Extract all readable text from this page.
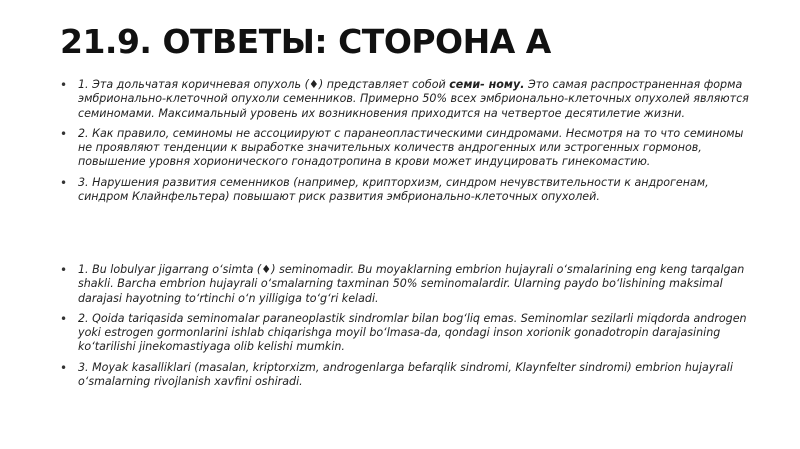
21.9. ОТВЕТЫ: СТОРОНА А
• 1. Эта дольчатая коричневая опухоль (♦) представляет собой семи- ному. Это самая распространенная форма эмбрионально-клеточной опухоли семенников. Примерно 50% всех эмбрионально-клеточных опухолей являются семиномами. Максимальный уровень их возникновения приходится на четвертое десятилетие жизни.
• 2. Как правило, семиномы не ассоциируют с паранеопластическими синдромами. Несмотря на то что семиномы не проявляют тенденции к выработке значительных количеств андрогенных или эстрогенных гормонов, повышение уровня хорионического гонадотропина в крови может индуцировать гинекомастию.
• 3. Нарушения развития семенников (например, крипторхизм, синдром нечувствительности к андрогенам, синдром Клайнфельтера) повышают риск развития эмбрионально-клеточных опухолей.
• 1. Bu lobulyar jigarrang o‘simta (♦) seminomadir. Bu moyaklarning embrion hujayrali o‘smalarining eng keng tarqalgan shakli. Barcha embrion hujayrali o‘smalarning taxminan 50% seminomalardir. Ularning paydo bo‘lishining maksimal darajasi hayotning to‘rtinchi o‘n yilligiga to‘g‘ri keladi.
• 2. Qoida tariqasida seminomalar paraneoplastik sindromlar bilan bog‘liq emas. Seminomlar sezilarli miqdorda androgen yoki estrogen gormonlarini ishlab chiqarishga moyil bo‘lmasa-da, qondagi inson xorionik gonadotropin darajasining ko‘tarilishi jinekomastiyaga olib kelishi mumkin.
• 3. Moyak kasalliklari (masalan, kriptorxizm, androgenlarga befarqlik sindromi, Klaynfelter sindromi) embrion hujayrali o‘smalarning rivojlanish xavfini oshiradi.
